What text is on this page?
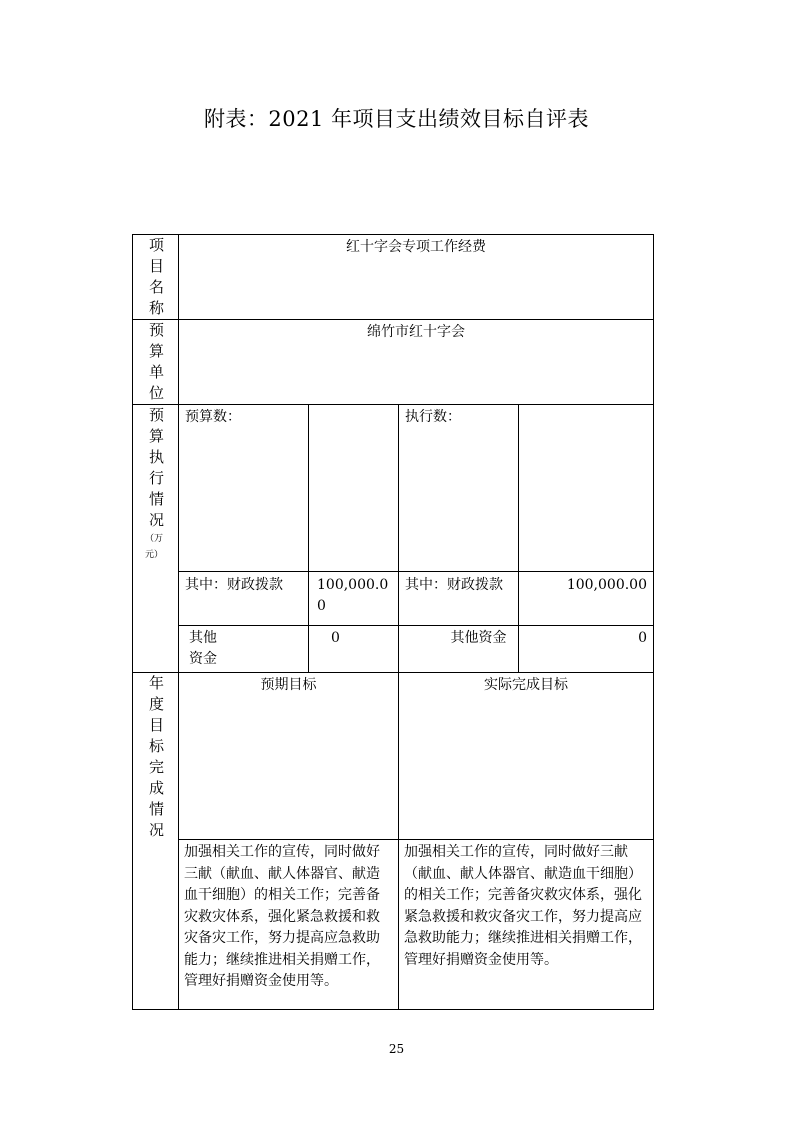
附表：2021 年项目支出绩效目标自评表
项目名称	红十字会专项工作经费			

预算单位	绵竹市红十字会			

预算执行情况
（万元）	预算数：		执行数：	
	其中：财政拨款	100,000.00	其中：财政拨款	100,000.00

	其他资金	0	其他资金	0

年度目标完成情况	预期目标		实际完成目标	
	加强相关工作的宣传，同时做好三献（献血、献人体器官、献造血干细胞）的相关工作；完善备灾救灾体系，强化紧急救援和救灾备灾工作，努力提高应急救助能力；继续推进相关捐赠工作，管理好捐赠资金使用等。		加强相关工作的宣传，同时做好三献（献血、献人体器官、献造血干细胞）的相关工作；完善备灾救灾体系，强化紧急救援和救灾备灾工作，努力提高应急救助能力；继续推进相关捐赠工作，管理好捐赠资金使用等。	
25
